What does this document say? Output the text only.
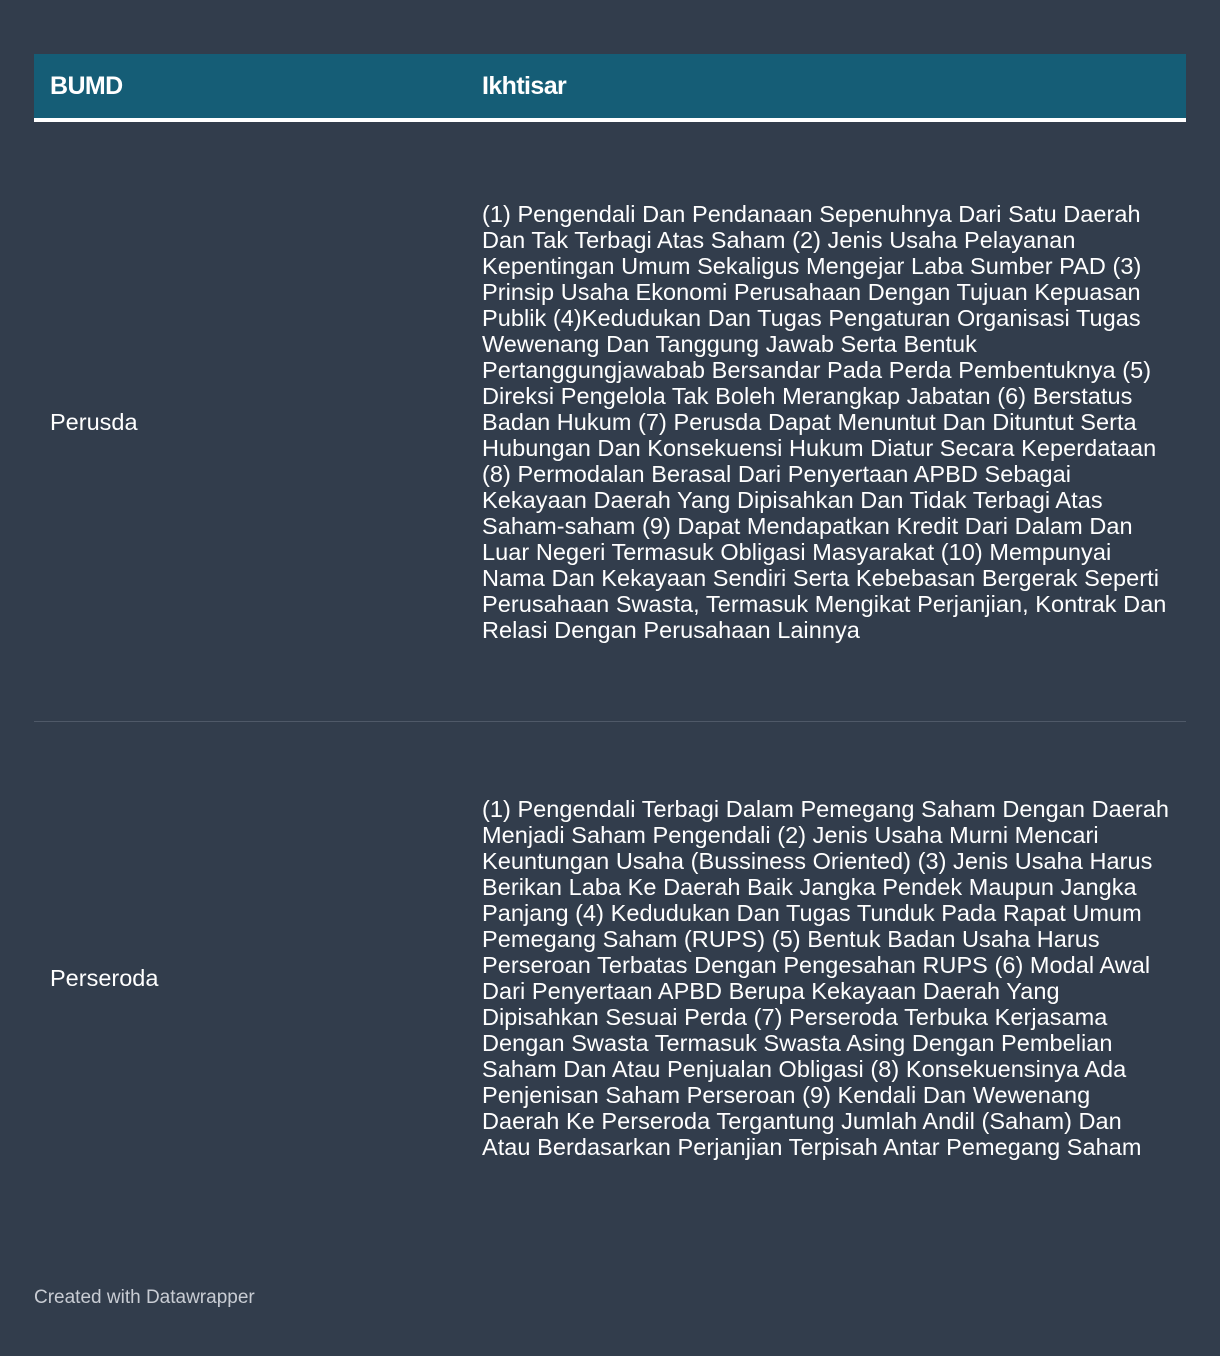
BUMD	Ikhtisar
Perusda
(1) Pengendali Dan Pendanaan Sepenuhnya Dari Satu Daerah Dan Tak Terbagi Atas Saham (2) Jenis Usaha Pelayanan Kepentingan Umum Sekaligus Mengejar Laba Sumber PAD (3) Prinsip Usaha Ekonomi Perusahaan Dengan Tujuan Kepuasan Publik (4)Kedudukan Dan Tugas Pengaturan Organisasi Tugas Wewenang Dan Tanggung Jawab Serta Bentuk Pertanggungjawabab Bersandar Pada Perda Pembentuknya (5) Direksi Pengelola Tak Boleh Merangkap Jabatan (6) Berstatus Badan Hukum (7) Perusda Dapat Menuntut Dan Dituntut Serta Hubungan Dan Konsekuensi Hukum Diatur Secara Keperdataan (8) Permodalan Berasal Dari Penyertaan APBD Sebagai Kekayaan Daerah Yang Dipisahkan Dan Tidak Terbagi Atas Saham-saham (9) Dapat Mendapatkan Kredit Dari Dalam Dan Luar Negeri Termasuk Obligasi Masyarakat (10) Mempunyai Nama Dan Kekayaan Sendiri Serta Kebebasan Bergerak Seperti Perusahaan Swasta, Termasuk Mengikat Perjanjian, Kontrak Dan Relasi Dengan Perusahaan Lainnya
Perseroda
(1) Pengendali Terbagi Dalam Pemegang Saham Dengan Daerah Menjadi Saham Pengendali (2) Jenis Usaha Murni Mencari Keuntungan Usaha (Bussiness Oriented) (3) Jenis Usaha Harus Berikan Laba Ke Daerah Baik Jangka Pendek Maupun Jangka Panjang (4) Kedudukan Dan Tugas Tunduk Pada Rapat Umum Pemegang Saham (RUPS) (5) Bentuk Badan Usaha Harus Perseroan Terbatas Dengan Pengesahan RUPS (6) Modal Awal Dari Penyertaan APBD Berupa Kekayaan Daerah Yang Dipisahkan Sesuai Perda (7) Perseroda Terbuka Kerjasama Dengan Swasta Termasuk Swasta Asing Dengan Pembelian Saham Dan Atau Penjualan Obligasi (8) Konsekuensinya Ada Penjenisan Saham Perseroan (9) Kendali Dan Wewenang Daerah Ke Perseroda Tergantung Jumlah Andil (Saham) Dan Atau Berdasarkan Perjanjian Terpisah Antar Pemegang Saham
Created with Datawrapper
